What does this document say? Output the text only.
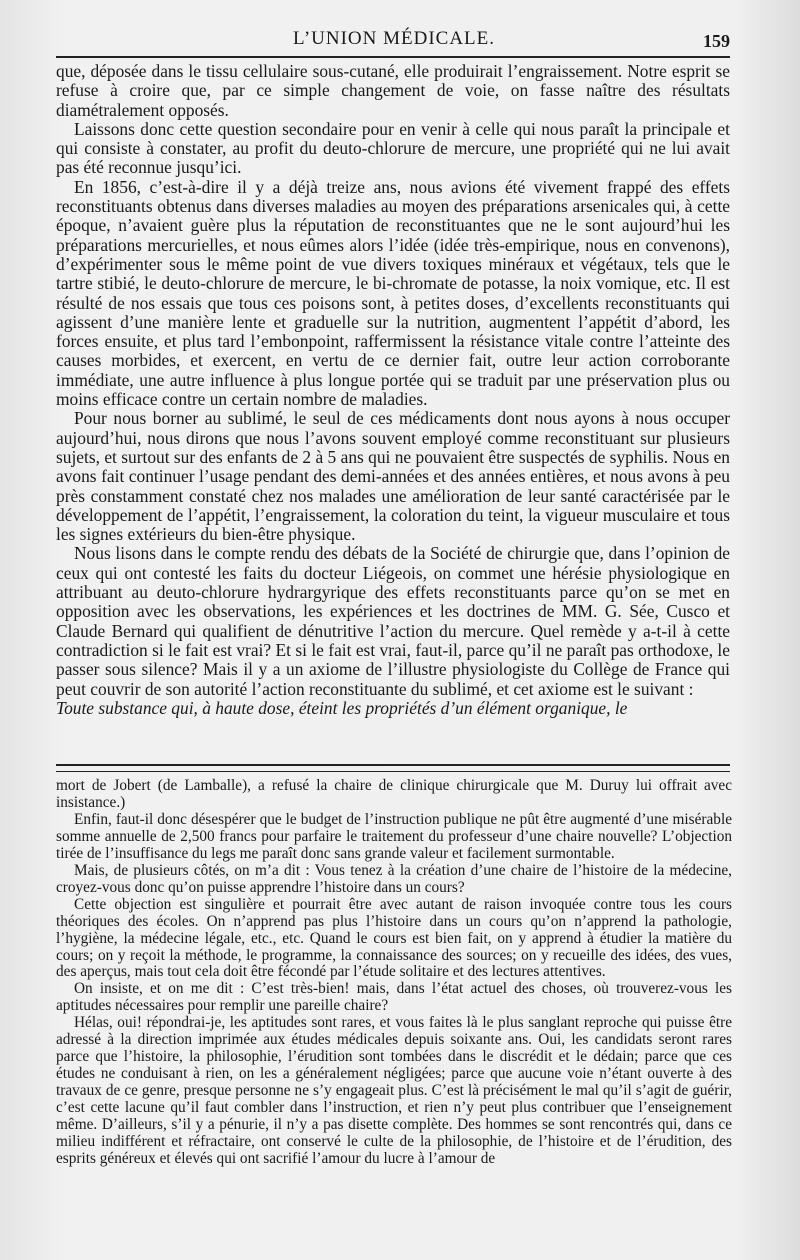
L’UNION MÉDICALE.	159

que, déposée dans le tissu cellulaire sous-cutané, elle produirait l’engraissement. Notre esprit se refuse à croire que, par ce simple changement de voie, on fasse naître des résultats diamétralement opposés.

Laissons donc cette question secondaire pour en venir à celle qui nous paraît la principale et qui consiste à constater, au profit du deuto-chlorure de mercure, une propriété qui ne lui avait pas été reconnue jusqu’ici.

En 1856, c’est-à-dire il y a déjà treize ans, nous avions été vivement frappé des effets reconstituants obtenus dans diverses maladies au moyen des préparations arsenicales qui, à cette époque, n’avaient guère plus la réputation de reconstituantes que ne le sont aujourd’hui les préparations mercurielles, et nous eûmes alors l’idée (idée très-empirique, nous en convenons), d’expérimenter sous le même point de vue divers toxiques minéraux et végétaux, tels que le tartre stibié, le deuto-chlorure de mercure, le bi-chromate de potasse, la noix vomique, etc. Il est résulté de nos essais que tous ces poisons sont, à petites doses, d’excellents reconstituants qui agissent d’une manière lente et graduelle sur la nutrition, augmentent l’appétit d’abord, les forces ensuite, et plus tard l’embonpoint, raffermissent la résistance vitale contre l’atteinte des causes morbides, et exercent, en vertu de ce dernier fait, outre leur action corroborante immédiate, une autre influence à plus longue portée qui se traduit par une préservation plus ou moins efficace contre un certain nombre de maladies.

Pour nous borner au sublimé, le seul de ces médicaments dont nous ayons à nous occuper aujourd’hui, nous dirons que nous l’avons souvent employé comme reconstituant sur plusieurs sujets, et surtout sur des enfants de 2 à 5 ans qui ne pouvaient être suspectés de syphilis. Nous en avons fait continuer l’usage pendant des demi-années et des années entières, et nous avons à peu près constamment constaté chez nos malades une amélioration de leur santé caractérisée par le développement de l’appétit, l’engraissement, la coloration du teint, la vigueur musculaire et tous les signes extérieurs du bien-être physique.

Nous lisons dans le compte rendu des débats de la Société de chirurgie que, dans l’opinion de ceux qui ont contesté les faits du docteur Liégeois, on commet une hérésie physiologique en attribuant au deuto-chlorure hydrargyrique des effets reconstituants parce qu’on se met en opposition avec les observations, les expériences et les doctrines de MM. G. Sée, Cusco et Claude Bernard qui qualifient de dénutritive l’action du mercure. Quel remède y a-t-il à cette contradiction si le fait est vrai? Et si le fait est vrai, faut-il, parce qu’il ne paraît pas orthodoxe, le passer sous silence? Mais il y a un axiome de l’illustre physiologiste du Collège de France qui peut couvrir de son autorité l’action reconstituante du sublimé, et cet axiome est le suivant :

Toute substance qui, à haute dose, éteint les propriétés d’un élément organique, le

mort de Jobert (de Lamballe), a refusé la chaire de clinique chirurgicale que M. Duruy lui offrait avec insistance.)

Enfin, faut-il donc désespérer que le budget de l’instruction publique ne pût être augmenté d’une misérable somme annuelle de 2,500 francs pour parfaire le traitement du professeur d’une chaire nouvelle? L’objection tirée de l’insuffisance du legs me paraît donc sans grande valeur et facilement surmontable.

Mais, de plusieurs côtés, on m’a dit : Vous tenez à la création d’une chaire de l’histoire de la médecine, croyez-vous donc qu’on puisse apprendre l’histoire dans un cours?

Cette objection est singulière et pourrait être avec autant de raison invoquée contre tous les cours théoriques des écoles. On n’apprend pas plus l’histoire dans un cours qu’on n’apprend la pathologie, l’hygiène, la médecine légale, etc., etc. Quand le cours est bien fait, on y apprend à étudier la matière du cours; on y reçoit la méthode, le programme, la connaissance des sources; on y recueille des idées, des vues, des aperçus, mais tout cela doit être fécondé par l’étude solitaire et des lectures attentives.

On insiste, et on me dit : C’est très-bien! mais, dans l’état actuel des choses, où trouverez-vous les aptitudes nécessaires pour remplir une pareille chaire?

Hélas, oui! répondrai-je, les aptitudes sont rares, et vous faites là le plus sanglant reproche qui puisse être adressé à la direction imprimée aux études médicales depuis soixante ans. Oui, les candidats seront rares parce que l’histoire, la philosophie, l’érudition sont tombées dans le discrédit et le dédain; parce que ces études ne conduisant à rien, on les a généralement négligées; parce que aucune voie n’étant ouverte à des travaux de ce genre, presque personne ne s’y engageait plus. C’est là précisément le mal qu’il s’agit de guérir, c’est cette lacune qu’il faut combler dans l’instruction, et rien n’y peut plus contribuer que l’enseignement même. D’ailleurs, s’il y a pénurie, il n’y a pas disette complète. Des hommes se sont rencontrés qui, dans ce milieu indifférent et réfractaire, ont conservé le culte de la philosophie, de l’histoire et de l’érudition, des esprits généreux et élevés qui ont sacrifié l’amour du lucre à l’amour de
